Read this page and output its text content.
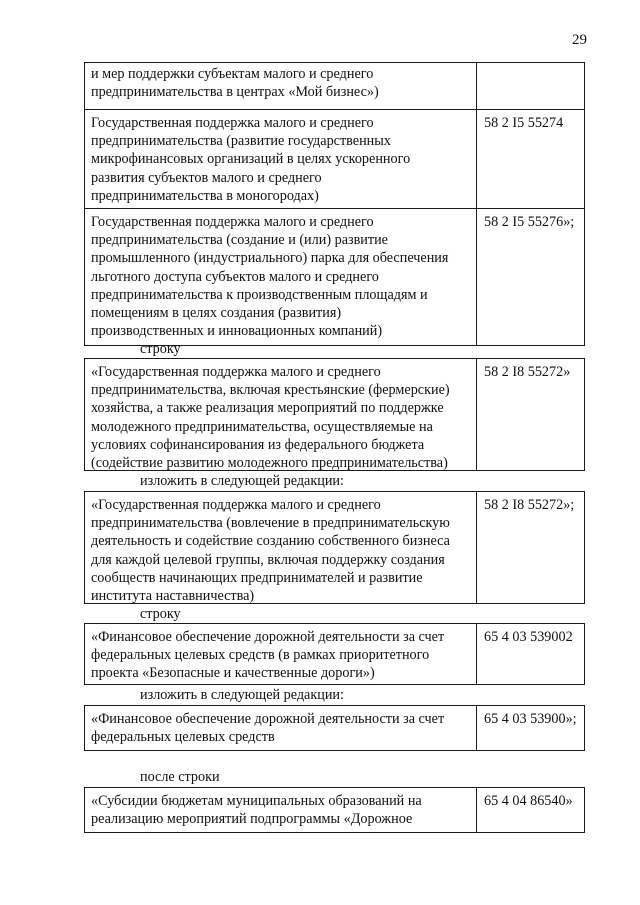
29
и мер поддержки субъектам малого и среднего
предпринимательства в центрах «Мой бизнес»)
Государственная поддержка малого и среднего
предпринимательства (развитие государственных
микрофинансовых организаций в целях ускоренного
развития субъектов малого и среднего
предпринимательства в моногородах)
58 2 I5 55274
Государственная поддержка малого и среднего
предпринимательства (создание и (или) развитие
промышленного (индустриального) парка для обеспечения
льготного доступа субъектов малого и среднего
предпринимательства к производственным площадям и
помещениям в целях создания (развития)
производственных и инновационных компаний)
58 2 I5 55276»;
строку
«Государственная поддержка малого и среднего
предпринимательства, включая крестьянские (фермерские)
хозяйства, а также реализация мероприятий по поддержке
молодежного предпринимательства, осуществляемые на
условиях софинансирования из федерального бюджета
(содействие развитию молодежного предпринимательства)
58 2 I8 55272»
изложить в следующей редакции:
«Государственная поддержка малого и среднего
предпринимательства (вовлечение в предпринимательскую
деятельность и содействие созданию собственного бизнеса
для каждой целевой группы, включая поддержку создания
сообществ начинающих предпринимателей и развитие
института наставничества)
58 2 I8 55272»;
строку
«Финансовое обеспечение дорожной деятельности за счет
федеральных целевых средств (в рамках приоритетного
проекта «Безопасные и качественные дороги»)
65 4 03 539002
изложить в следующей редакции:
«Финансовое обеспечение дорожной деятельности за счет
федеральных целевых средств
65 4 03 53900»;
после строки
«Субсидии бюджетам муниципальных образований на
реализацию мероприятий подпрограммы «Дорожное
65 4 04 86540»
